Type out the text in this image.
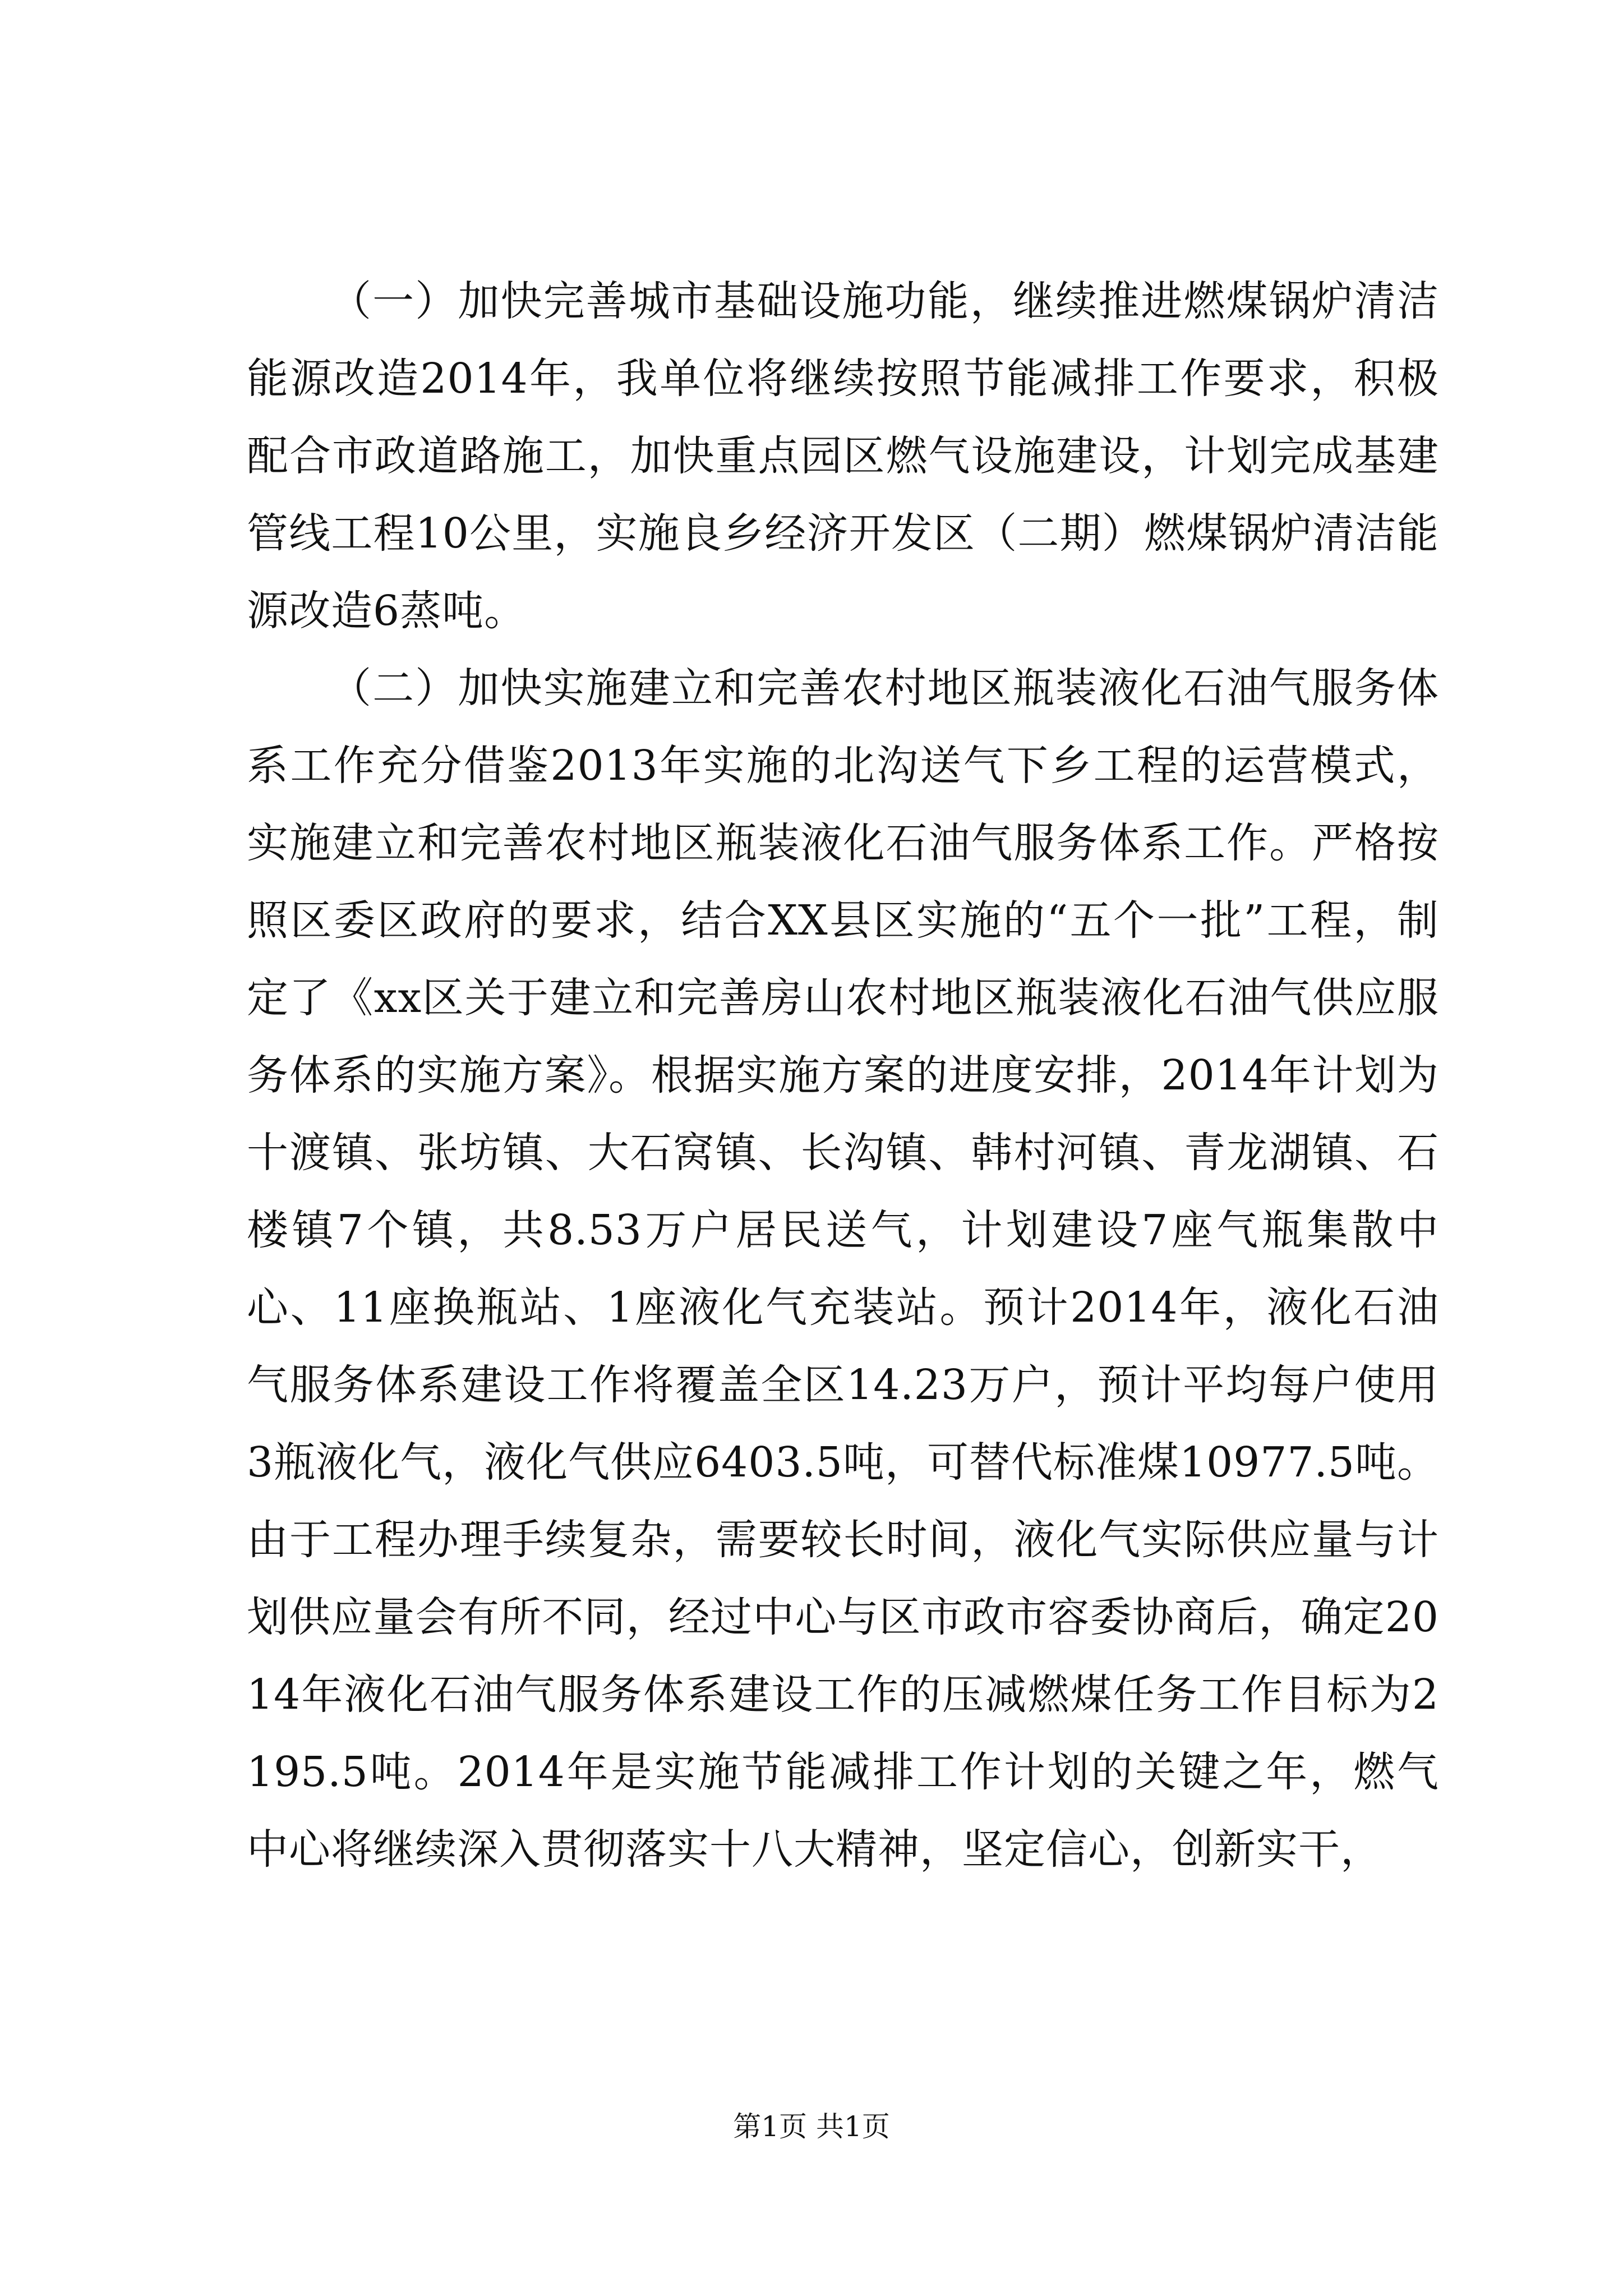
（一）加快完善城市基础设施功能，继续推进燃煤锅炉清洁能源改造2014年，我单位将继续按照节能减排工作要求，积极配合市政道路施工，加快重点园区燃气设施建设，计划完成基建管线工程10公里，实施良乡经济开发区（二期）燃煤锅炉清洁能源改造6蒸吨。

（二）加快实施建立和完善农村地区瓶装液化石油气服务体系工作充分借鉴2013年实施的北沟送气下乡工程的运营模式，实施建立和完善农村地区瓶装液化石油气服务体系工作。严格按照区委区政府的要求，结合XX县区实施的“五个一批”工程，制定了《xx区关于建立和完善房山农村地区瓶装液化石油气供应服务体系的实施方案》。根据实施方案的进度安排，2014年计划为十渡镇、张坊镇、大石窝镇、长沟镇、韩村河镇、青龙湖镇、石楼镇7个镇，共8.53万户居民送气，计划建设7座气瓶集散中心、11座换瓶站、1座液化气充装站。预计2014年，液化石油气服务体系建设工作将覆盖全区14.23万户，预计平均每户使用3瓶液化气，液化气供应6403.5吨，可替代标准煤10977.5吨。由于工程办理手续复杂，需要较长时间，液化气实际供应量与计划供应量会有所不同，经过中心与区市政市容委协商后，确定2014年液化石油气服务体系建设工作的压减燃煤任务工作目标为2195.5吨。2014年是实施节能减排工作计划的关键之年，燃气中心将继续深入贯彻落实十八大精神，坚定信心，创新实干，

第1页 共1页
